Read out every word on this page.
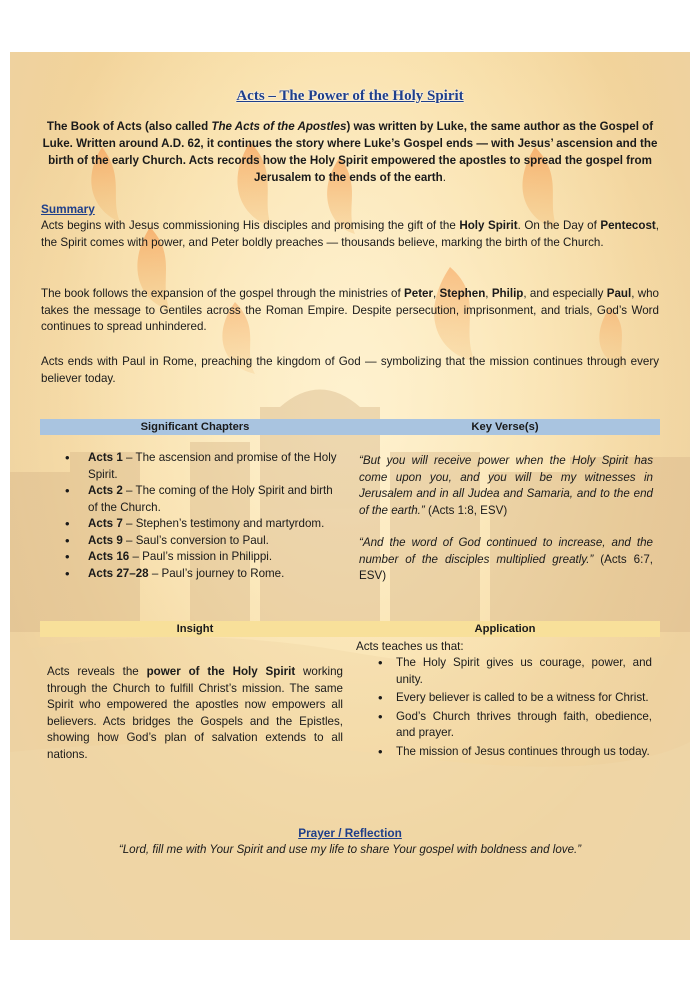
Acts – The Power of the Holy Spirit
The Book of Acts (also called The Acts of the Apostles) was written by Luke, the same author as the Gospel of Luke. Written around A.D. 62, it continues the story where Luke’s Gospel ends — with Jesus’ ascension and the birth of the early Church. Acts records how the Holy Spirit empowered the apostles to spread the gospel from Jerusalem to the ends of the earth.
Summary
Acts begins with Jesus commissioning His disciples and promising the gift of the Holy Spirit. On the Day of Pentecost, the Spirit comes with power, and Peter boldly preaches — thousands believe, marking the birth of the Church.
The book follows the expansion of the gospel through the ministries of Peter, Stephen, Philip, and especially Paul, who takes the message to Gentiles across the Roman Empire. Despite persecution, imprisonment, and trials, God’s Word continues to spread unhindered.
Acts ends with Paul in Rome, preaching the kingdom of God — symbolizing that the mission continues through every believer today.
Significant Chapters	Key Verse(s)
• Acts 1 – The ascension and promise of the Holy Spirit.
• Acts 2 – The coming of the Holy Spirit and birth of the Church.
• Acts 7 – Stephen’s testimony and martyrdom.
• Acts 9 – Saul’s conversion to Paul.
• Acts 16 – Paul’s mission in Philippi.
• Acts 27–28 – Paul’s journey to Rome.
“But you will receive power when the Holy Spirit has come upon you, and you will be my witnesses in Jerusalem and in all Judea and Samaria, and to the end of the earth.” (Acts 1:8, ESV)
“And the word of God continued to increase, and the number of the disciples multiplied greatly.” (Acts 6:7, ESV)
Insight	Application
Acts reveals the power of the Holy Spirit working through the Church to fulfill Christ’s mission. The same Spirit who empowered the apostles now empowers all believers. Acts bridges the Gospels and the Epistles, showing how God’s plan of salvation extends to all nations.
Acts teaches us that:
• The Holy Spirit gives us courage, power, and unity.
• Every believer is called to be a witness for Christ.
• God’s Church thrives through faith, obedience, and prayer.
• The mission of Jesus continues through us today.
Prayer / Reflection
“Lord, fill me with Your Spirit and use my life to share Your gospel with boldness and love.”
